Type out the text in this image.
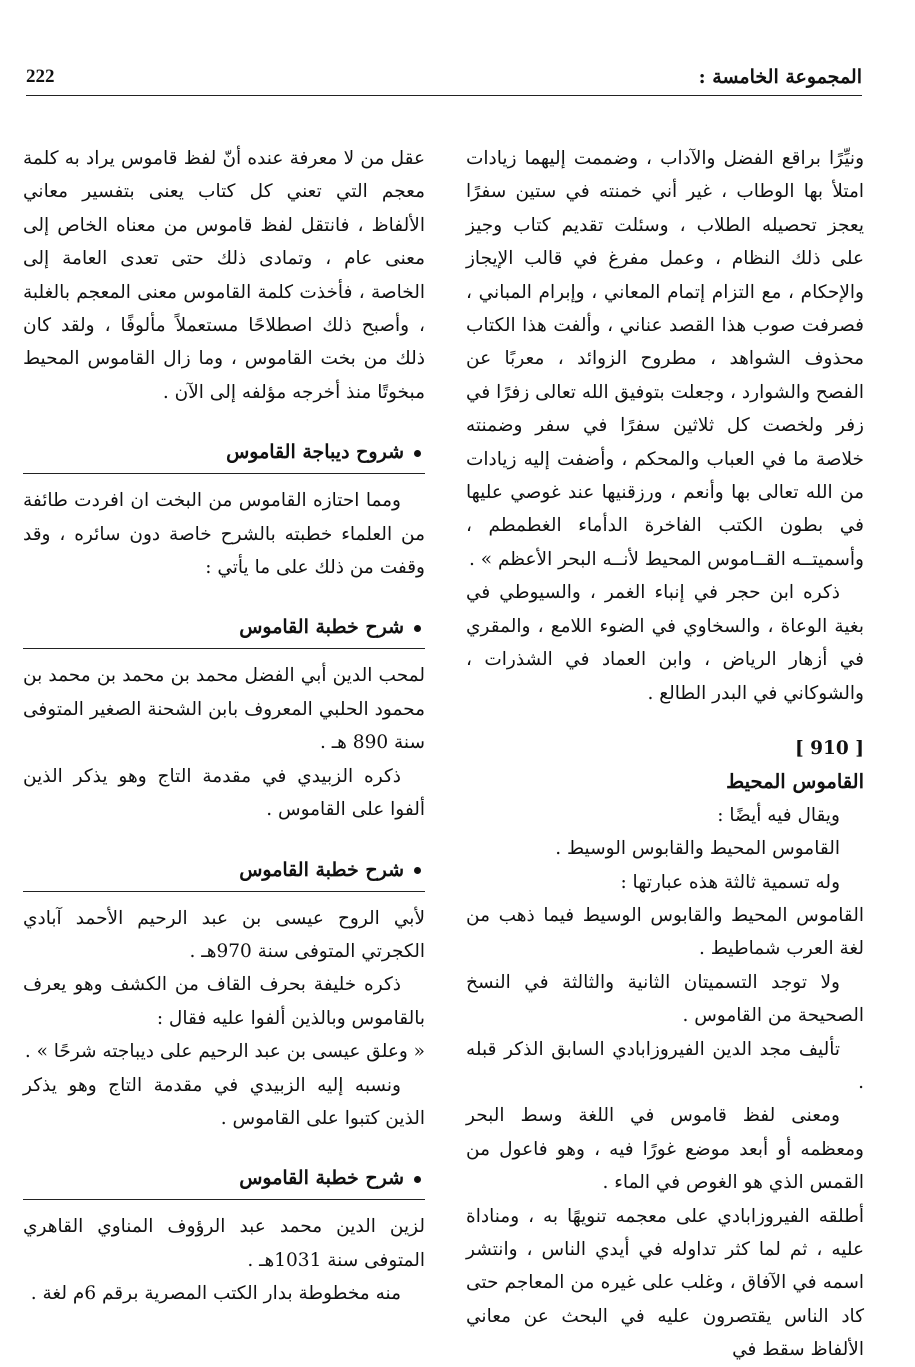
المجموعة الخامسة :
222

ونيِّرًا براقع الفضل والآداب ، وضممت إليهما زيادات امتلأ بها الوطاب ، غير أني خمنته في ستين سفرًا يعجز تحصيله الطلاب ، وسئلت تقديم كتاب وجيز على ذلك النظام ، وعمل مفرغ في قالب الإيجاز والإحكام ، مع التزام إتمام المعاني ، وإبرام المباني ، فصرفت صوب هذا القصد عناني ، وألفت هذا الكتاب محذوف الشواهد ، مطروح الزوائد ، معربًا عن الفصح والشوارد ، وجعلت بتوفيق الله تعالى زفرًا في زفر ولخصت كل ثلاثين سفرًا في سفر وضمنته خلاصة ما في العباب والمحكم ، وأضفت إليه زيادات من الله تعالى بها وأنعم ، ورزقنيها عند غوصي عليها في بطون الكتب الفاخرة الدأماء الغطمطم ، وأسميتــه القــاموس المحيط لأنــه البحر الأعظم » .

ذكره ابن حجر في إنباء الغمر ، والسيوطي في بغية الوعاة ، والسخاوي في الضوء اللامع ، والمقري في أزهار الرياض ، وابن العماد في الشذرات ، والشوكاني في البدر الطالع .

[ 910 ]
القاموس المحيط

ويقال فيه أيضًا :

القاموس المحيط والقابوس الوسيط .

وله تسمية ثالثة هذه عبارتها :

القاموس المحيط والقابوس الوسيط فيما ذهب من لغة العرب شماطيط .

ولا توجد التسميتان الثانية والثالثة في النسخ الصحيحة من القاموس .

تأليف مجد الدين الفيروزابادي السابق الذكر قبله .

ومعنى لفظ قاموس في اللغة وسط البحر ومعظمه أو أبعد موضع غورًا فيه ، وهو فاعول من القمس الذي هو الغوص في الماء .

أطلقه الفيروزابادي على معجمه تنويهًا به ، ومناداة عليه ، ثم لما كثر تداوله في أيدي الناس ، وانتشر اسمه في الآفاق ، وغلب على غيره من المعاجم حتى كاد الناس يقتصرون عليه في البحث عن معاني الألفاظ سقط في

عقل من لا معرفة عنده أنّ لفظ قاموس يراد به كلمة معجم التي تعني كل كتاب يعنى بتفسير معاني الألفاظ ، فانتقل لفظ قاموس من معناه الخاص إلى معنى عام ، وتمادى ذلك حتى تعدى العامة إلى الخاصة ، فأخذت كلمة القاموس معنى المعجم بالغلبة ، وأصبح ذلك اصطلاحًا مستعملاً مألوفًا ، ولقد كان ذلك من بخت القاموس ، وما زال القاموس المحيط مبخوتًا منذ أخرجه مؤلفه إلى الآن .

شروح ديباجة القاموس

ومما احتازه القاموس من البخت ان افردت طائفة من العلماء خطبته بالشرح خاصة دون سائره ، وقد وقفت من ذلك على ما يأتي :

شرح خطبة القاموس

لمحب الدين أبي الفضل محمد بن محمد بن محمد بن محمود الحلبي المعروف بابن الشحنة الصغير المتوفى سنة 890 هـ .

ذكره الزبيدي في مقدمة التاج وهو يذكر الذين ألفوا على القاموس .

شرح خطبة القاموس

لأبي الروح عيسى بن عبد الرحيم الأحمد آبادي الكجرتي المتوفى سنة 970هـ .

ذكره خليفة بحرف القاف من الكشف وهو يعرف بالقاموس وبالذين ألفوا عليه فقال :

« وعلق عيسى بن عبد الرحيم على ديباجته شرحًا » .

ونسبه إليه الزبيدي في مقدمة التاج وهو يذكر الذين كتبوا على القاموس .

شرح خطبة القاموس

لزين الدين محمد عبد الرؤوف المناوي القاهري المتوفى سنة 1031هـ .

منه مخطوطة بدار الكتب المصرية برقم 6م لغة .
